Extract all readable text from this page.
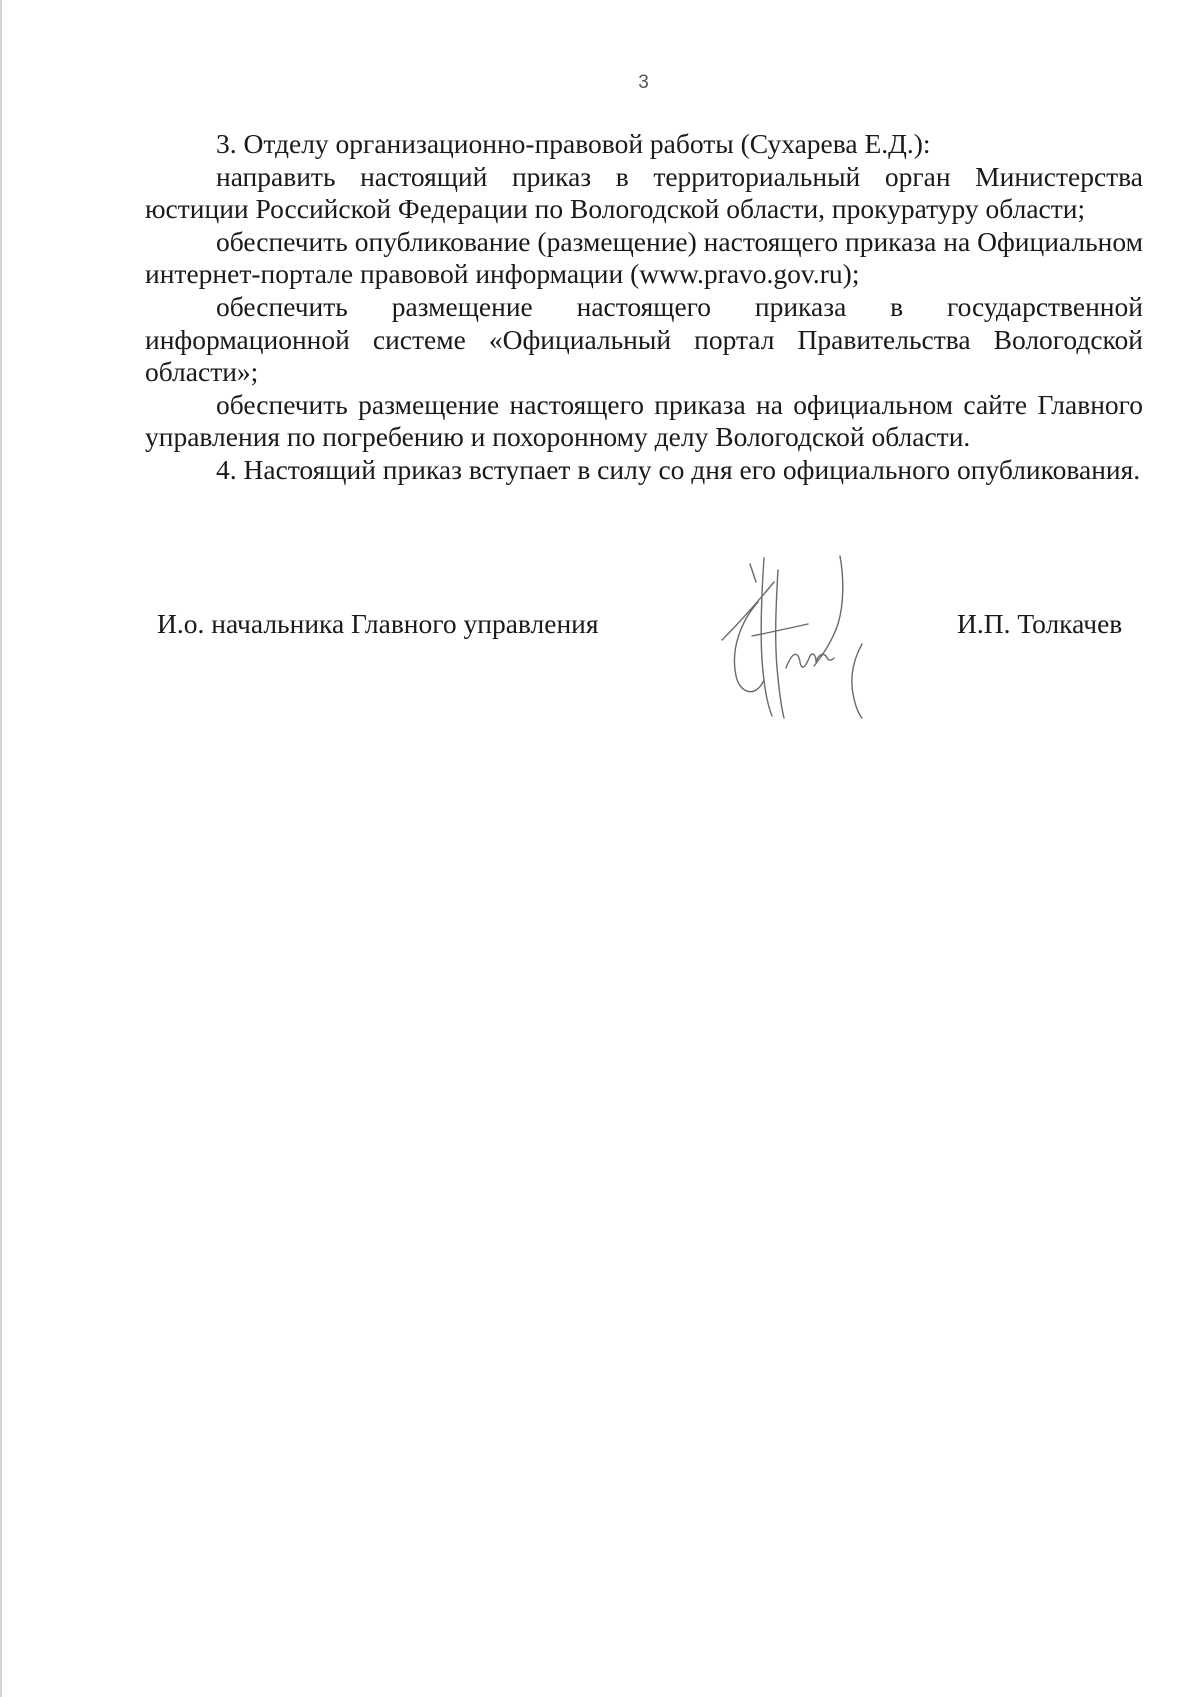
3

3. Отделу организационно-правовой работы (Сухарева Е.Д.):

направить настоящий приказ в территориальный орган Министерства юстиции Российской Федерации по Вологодской области, прокуратуру области;

обеспечить опубликование (размещение) настоящего приказа на Официальном интернет-портале правовой информации (www.pravo.gov.ru);

обеспечить размещение настоящего приказа в государственной информационной системе «Официальный портал Правительства Вологодской области»;

обеспечить размещение настоящего приказа на официальном сайте Главного управления по погребению и похоронному делу Вологодской области.

4. Настоящий приказ вступает в силу со дня его официального опубликования.

И.о. начальника Главного управления	И.П. Толкачев
